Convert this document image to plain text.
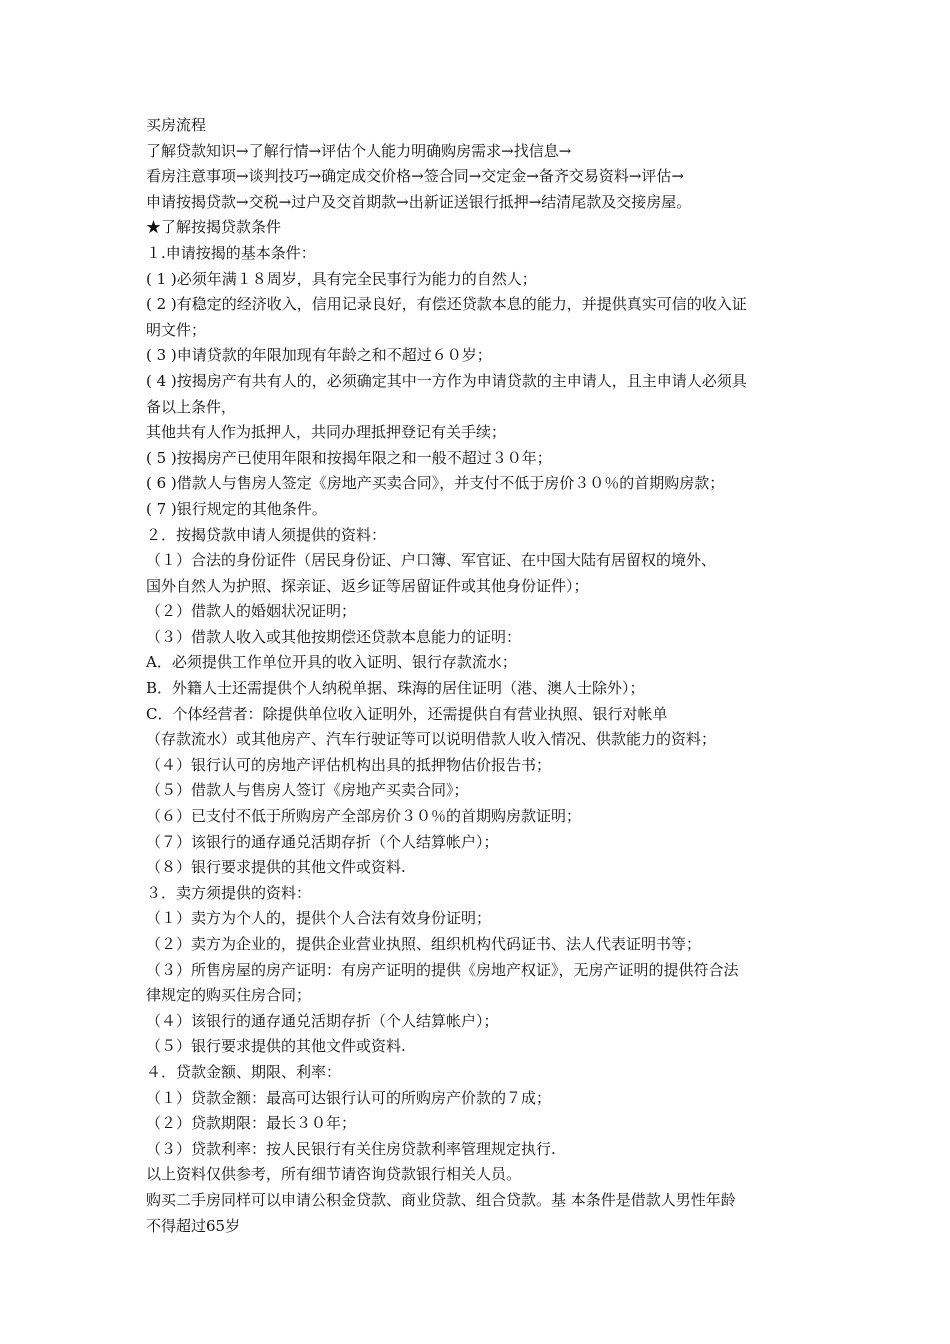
买房流程
了解贷款知识→了解行情→评估个人能力明确购房需求→找信息→
看房注意事项→谈判技巧→确定成交价格→签合同→交定金→备齐交易资料→评估→
申请按揭贷款→交税→过户及交首期款→出新证送银行抵押→结清尾款及交接房屋。
★了解按揭贷款条件
１.申请按揭的基本条件：
( 1 )必须年满１８周岁，具有完全民事行为能力的自然人；
( 2 )有稳定的经济收入，信用记录良好，有偿还贷款本息的能力，并提供真实可信的收入证
明文件；
( 3 )申请贷款的年限加现有年龄之和不超过６０岁；
( 4 )按揭房产有共有人的，必须确定其中一方作为申请贷款的主申请人，且主申请人必须具
备以上条件，
其他共有人作为抵押人，共同办理抵押登记有关手续；
( 5 )按揭房产已使用年限和按揭年限之和一般不超过３０年；
( 6 )借款人与售房人签定《房地产买卖合同》，并支付不低于房价３０％的首期购房款；
( 7 )银行规定的其他条件。
２．按揭贷款申请人须提供的资料：
（１）合法的身份证件（居民身份证、户口簿、军官证、在中国大陆有居留权的境外、
国外自然人为护照、探亲证、返乡证等居留证件或其他身份证件）；
（２）借款人的婚姻状况证明；
（３）借款人收入或其他按期偿还贷款本息能力的证明：
A．必须提供工作单位开具的收入证明、银行存款流水；
B．外籍人士还需提供个人纳税单据、珠海的居住证明（港、澳人士除外）；
C．个体经营者：除提供单位收入证明外，还需提供自有营业执照、银行对帐单
（存款流水）或其他房产、汽车行驶证等可以说明借款人收入情况、供款能力的资料；
（４）银行认可的房地产评估机构出具的抵押物估价报告书；
（５）借款人与售房人签订《房地产买卖合同》；
（６）已支付不低于所购房产全部房价３０％的首期购房款证明；
（７）该银行的通存通兑活期存折（个人结算帐户）；
（８）银行要求提供的其他文件或资料.
３．卖方须提供的资料：
（１）卖方为个人的，提供个人合法有效身份证明；
（２）卖方为企业的，提供企业营业执照、组织机构代码证书、法人代表证明书等；
（３）所售房屋的房产证明：有房产证明的提供《房地产权证》，无房产证明的提供符合法
律规定的购买住房合同；
（４）该银行的通存通兑活期存折（个人结算帐户）；
（５）银行要求提供的其他文件或资料.
４．贷款金额、期限、利率：
（１）贷款金额：最高可达银行认可的所购房产价款的７成；
（２）贷款期限：最长３０年；
（３）贷款利率：按人民银行有关住房贷款利率管理规定执行.
以上资料仅供参考，所有细节请咨询贷款银行相关人员。
购买二手房同样可以申请公积金贷款、商业贷款、组合贷款。基 本条件是借款人男性年龄
不得超过65岁
